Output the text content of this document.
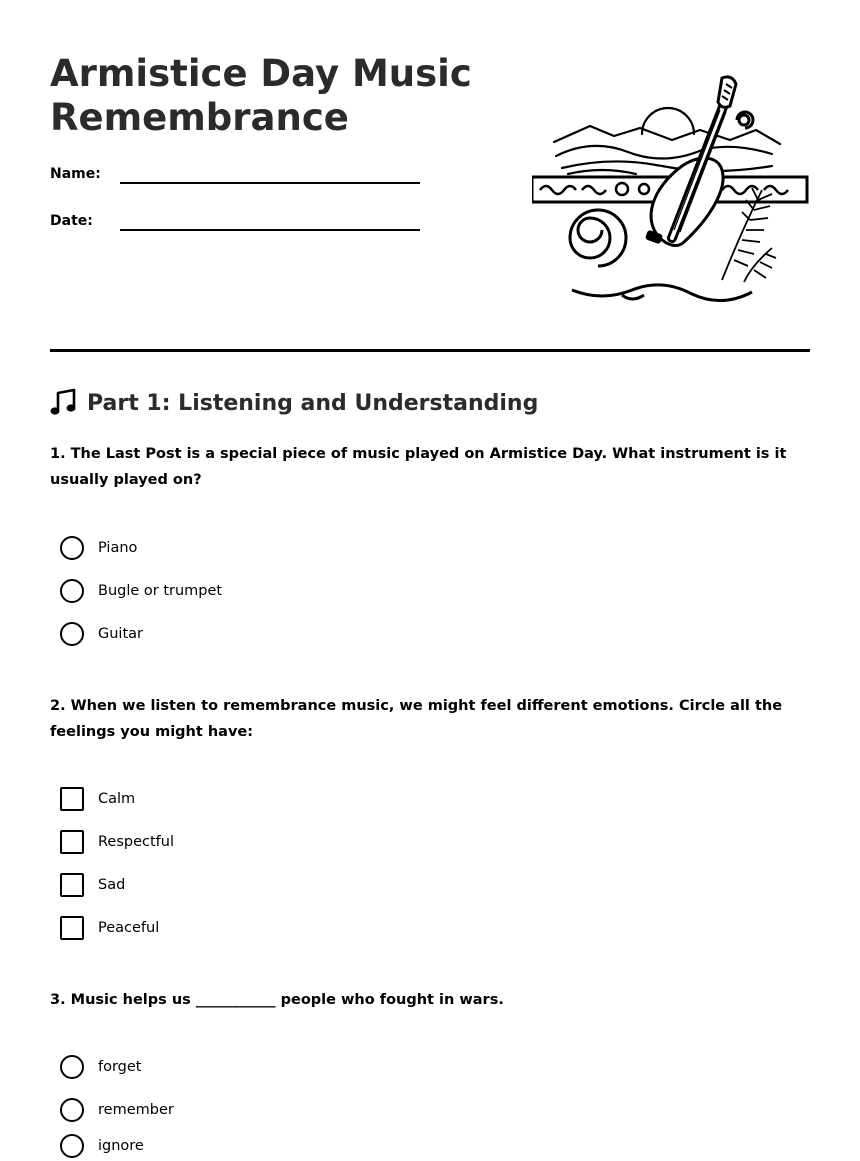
Armistice Day Music Remembrance
Name:
Date:
Part 1: Listening and Understanding

1. The Last Post is a special piece of music played on Armistice Day. What instrument is it usually played on?

Piano
Bugle or trumpet
Guitar

2. When we listen to remembrance music, we might feel different emotions. Circle all the feelings you might have:

Calm
Respectful
Sad
Peaceful

3. Music helps us ___________ people who fought in wars.

forget
remember
ignore
